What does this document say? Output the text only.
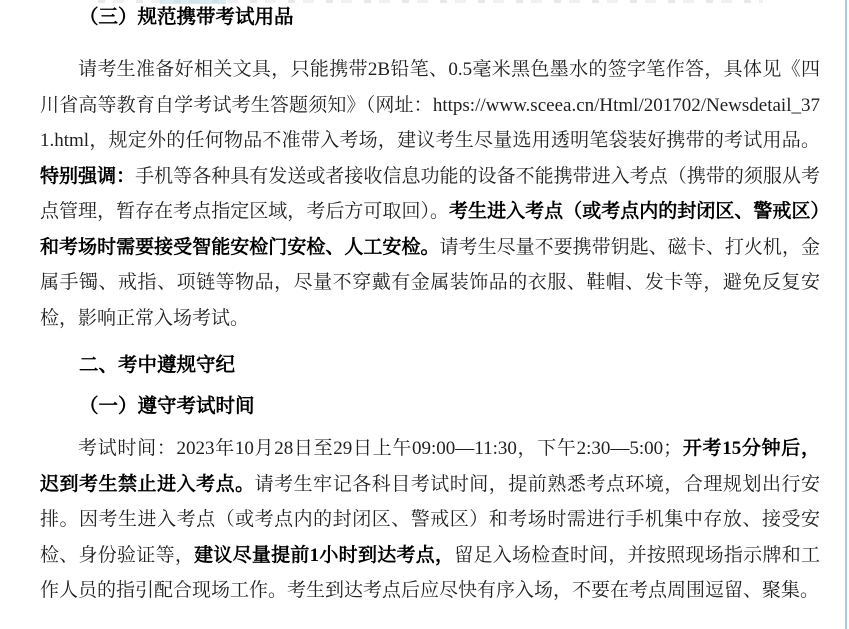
（三）规范携带考试用品

请考生准备好相关文具，只能携带2B铅笔、0.5毫米黑色墨水的签字笔作答，具体见《四川省高等教育自学考试考生答题须知》（网址：https://www.sceea.cn/Html/201702/Newsdetail_371.html，规定外的任何物品不准带入考场，建议考生尽量选用透明笔袋装好携带的考试用品。特别强调：手机等各种具有发送或者接收信息功能的设备不能携带进入考点（携带的须服从考点管理，暂存在考点指定区域，考后方可取回）。考生进入考点（或考点内的封闭区、警戒区）和考场时需要接受智能安检门安检、人工安检。请考生尽量不要携带钥匙、磁卡、打火机，金属手镯、戒指、项链等物品，尽量不穿戴有金属装饰品的衣服、鞋帽、发卡等，避免反复安检，影响正常入场考试。

二、考中遵规守纪
（一）遵守考试时间

考试时间：2023年10月28日至29日上午09:00—11:30，下午2:30—5:00；开考15分钟后，迟到考生禁止进入考点。请考生牢记各科目考试时间，提前熟悉考点环境，合理规划出行安排。因考生进入考点（或考点内的封闭区、警戒区）和考场时需进行手机集中存放、接受安检、身份验证等，建议尽量提前1小时到达考点，留足入场检查时间，并按照现场指示牌和工作人员的指引配合现场工作。考生到达考点后应尽快有序入场，不要在考点周围逗留、聚集。
